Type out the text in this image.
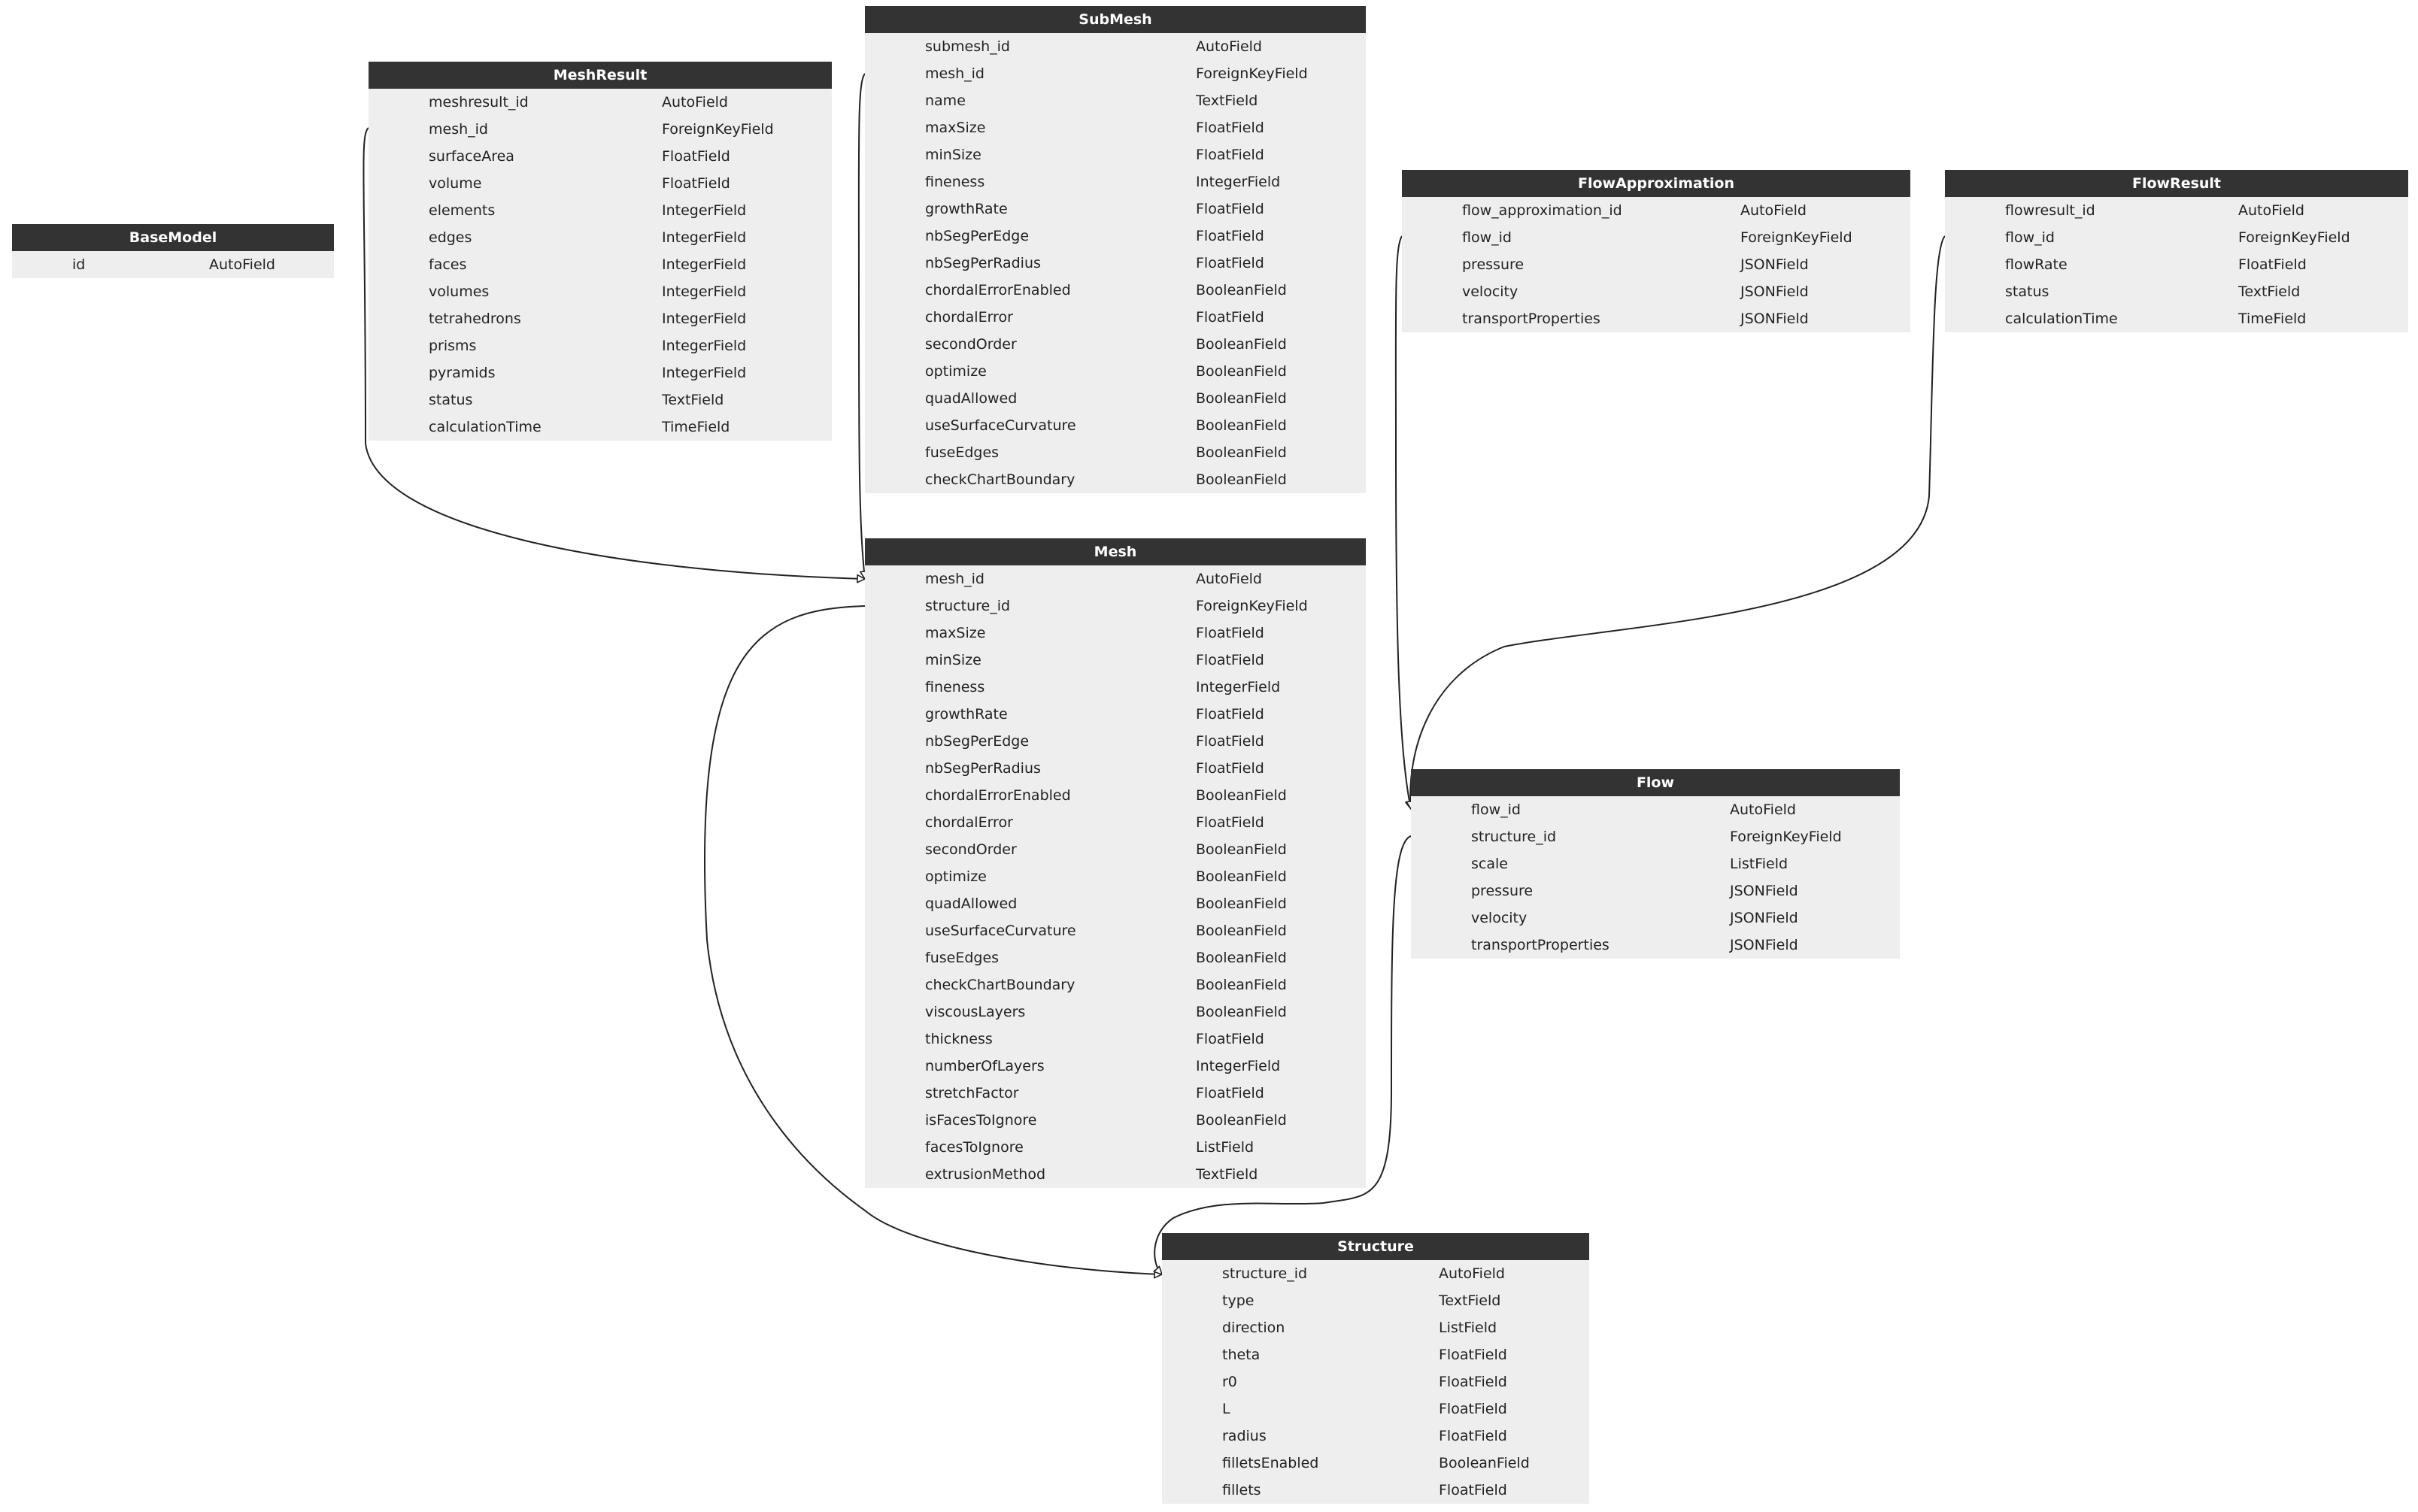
BaseModel
id	AutoField
MeshResult
meshresult_id	AutoField
mesh_id	ForeignKeyField
surfaceArea	FloatField
volume	FloatField
elements	IntegerField
edges	IntegerField
faces	IntegerField
volumes	IntegerField
tetrahedrons	IntegerField
prisms	IntegerField
pyramids	IntegerField
status	TextField
calculationTime	TimeField
SubMesh
submesh_id	AutoField
mesh_id	ForeignKeyField
name	TextField
maxSize	FloatField
minSize	FloatField
fineness	IntegerField
growthRate	FloatField
nbSegPerEdge	FloatField
nbSegPerRadius	FloatField
chordalErrorEnabled	BooleanField
chordalError	FloatField
secondOrder	BooleanField
optimize	BooleanField
quadAllowed	BooleanField
useSurfaceCurvature	BooleanField
fuseEdges	BooleanField
checkChartBoundary	BooleanField
Mesh
mesh_id	AutoField
structure_id	ForeignKeyField
maxSize	FloatField
minSize	FloatField
fineness	IntegerField
growthRate	FloatField
nbSegPerEdge	FloatField
nbSegPerRadius	FloatField
chordalErrorEnabled	BooleanField
chordalError	FloatField
secondOrder	BooleanField
optimize	BooleanField
quadAllowed	BooleanField
useSurfaceCurvature	BooleanField
fuseEdges	BooleanField
checkChartBoundary	BooleanField
viscousLayers	BooleanField
thickness	FloatField
numberOfLayers	IntegerField
stretchFactor	FloatField
isFacesToIgnore	BooleanField
facesToIgnore	ListField
extrusionMethod	TextField
FlowApproximation
flow_approximation_id	AutoField
flow_id	ForeignKeyField
pressure	JSONField
velocity	JSONField
transportProperties	JSONField
FlowResult
flowresult_id	AutoField
flow_id	ForeignKeyField
flowRate	FloatField
status	TextField
calculationTime	TimeField
Flow
flow_id	AutoField
structure_id	ForeignKeyField
scale	ListField
pressure	JSONField
velocity	JSONField
transportProperties	JSONField
Structure
structure_id	AutoField
type	TextField
direction	ListField
theta	FloatField
r0	FloatField
L	FloatField
radius	FloatField
filletsEnabled	BooleanField
fillets	FloatField
